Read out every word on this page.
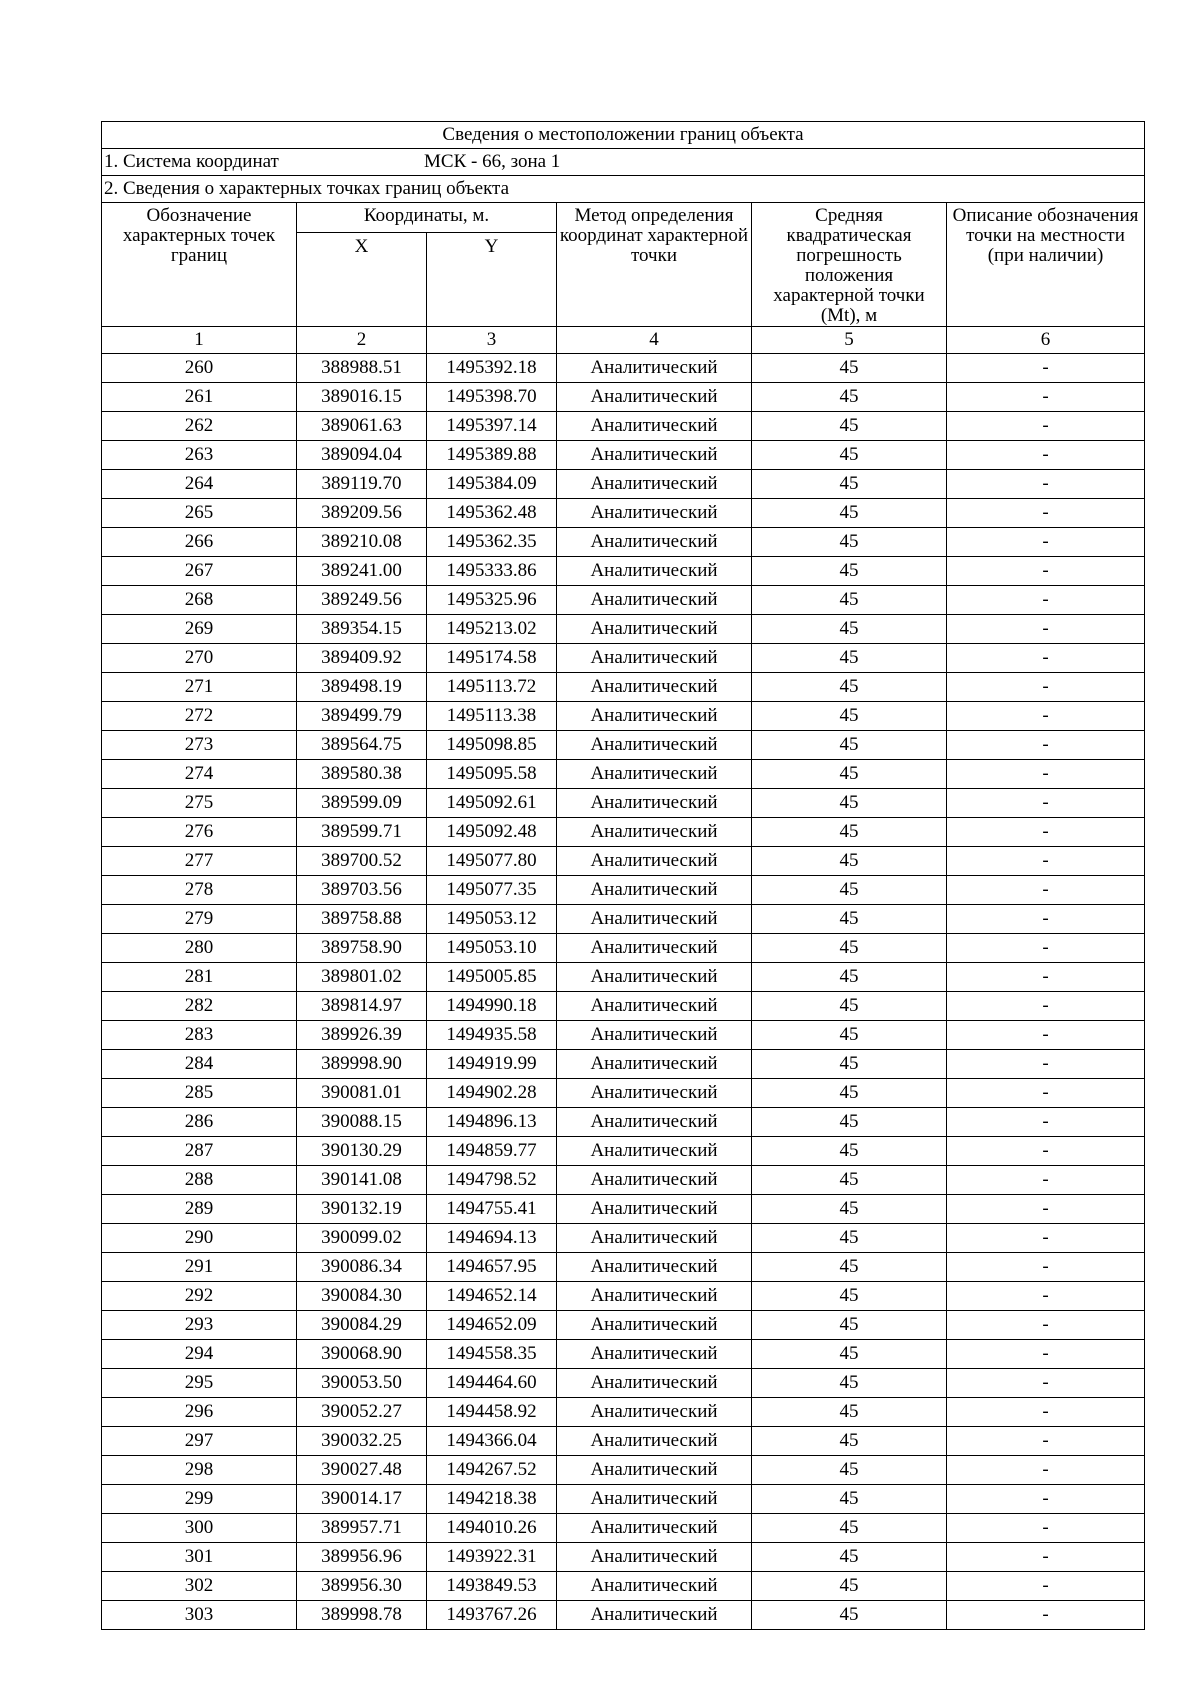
Сведения о местоположении границ объекта					

1. Система координат МСК - 66, зона 1					

2. Сведения о характерных точках границ объекта					
Обозначение характерных точек границ	Координаты, м.		Метод определения координат характерной точки	Средняя квадратическая погрешность положения характерной точки (Mt), м	Описание обозначения точки на местности (при наличии)
	X	Y			
1	2	3	4	5	6
260	388988.51	1495392.18	Аналитический	45	-
261	389016.15	1495398.70	Аналитический	45	-
262	389061.63	1495397.14	Аналитический	45	-
263	389094.04	1495389.88	Аналитический	45	-
264	389119.70	1495384.09	Аналитический	45	-
265	389209.56	1495362.48	Аналитический	45	-
266	389210.08	1495362.35	Аналитический	45	-
267	389241.00	1495333.86	Аналитический	45	-
268	389249.56	1495325.96	Аналитический	45	-
269	389354.15	1495213.02	Аналитический	45	-
270	389409.92	1495174.58	Аналитический	45	-
271	389498.19	1495113.72	Аналитический	45	-
272	389499.79	1495113.38	Аналитический	45	-
273	389564.75	1495098.85	Аналитический	45	-
274	389580.38	1495095.58	Аналитический	45	-
275	389599.09	1495092.61	Аналитический	45	-
276	389599.71	1495092.48	Аналитический	45	-
277	389700.52	1495077.80	Аналитический	45	-
278	389703.56	1495077.35	Аналитический	45	-
279	389758.88	1495053.12	Аналитический	45	-
280	389758.90	1495053.10	Аналитический	45	-
281	389801.02	1495005.85	Аналитический	45	-
282	389814.97	1494990.18	Аналитический	45	-
283	389926.39	1494935.58	Аналитический	45	-
284	389998.90	1494919.99	Аналитический	45	-
285	390081.01	1494902.28	Аналитический	45	-
286	390088.15	1494896.13	Аналитический	45	-
287	390130.29	1494859.77	Аналитический	45	-
288	390141.08	1494798.52	Аналитический	45	-
289	390132.19	1494755.41	Аналитический	45	-
290	390099.02	1494694.13	Аналитический	45	-
291	390086.34	1494657.95	Аналитический	45	-
292	390084.30	1494652.14	Аналитический	45	-
293	390084.29	1494652.09	Аналитический	45	-
294	390068.90	1494558.35	Аналитический	45	-
295	390053.50	1494464.60	Аналитический	45	-
296	390052.27	1494458.92	Аналитический	45	-
297	390032.25	1494366.04	Аналитический	45	-
298	390027.48	1494267.52	Аналитический	45	-
299	390014.17	1494218.38	Аналитический	45	-
300	389957.71	1494010.26	Аналитический	45	-
301	389956.96	1493922.31	Аналитический	45	-
302	389956.30	1493849.53	Аналитический	45	-
303	389998.78	1493767.26	Аналитический	45	-
